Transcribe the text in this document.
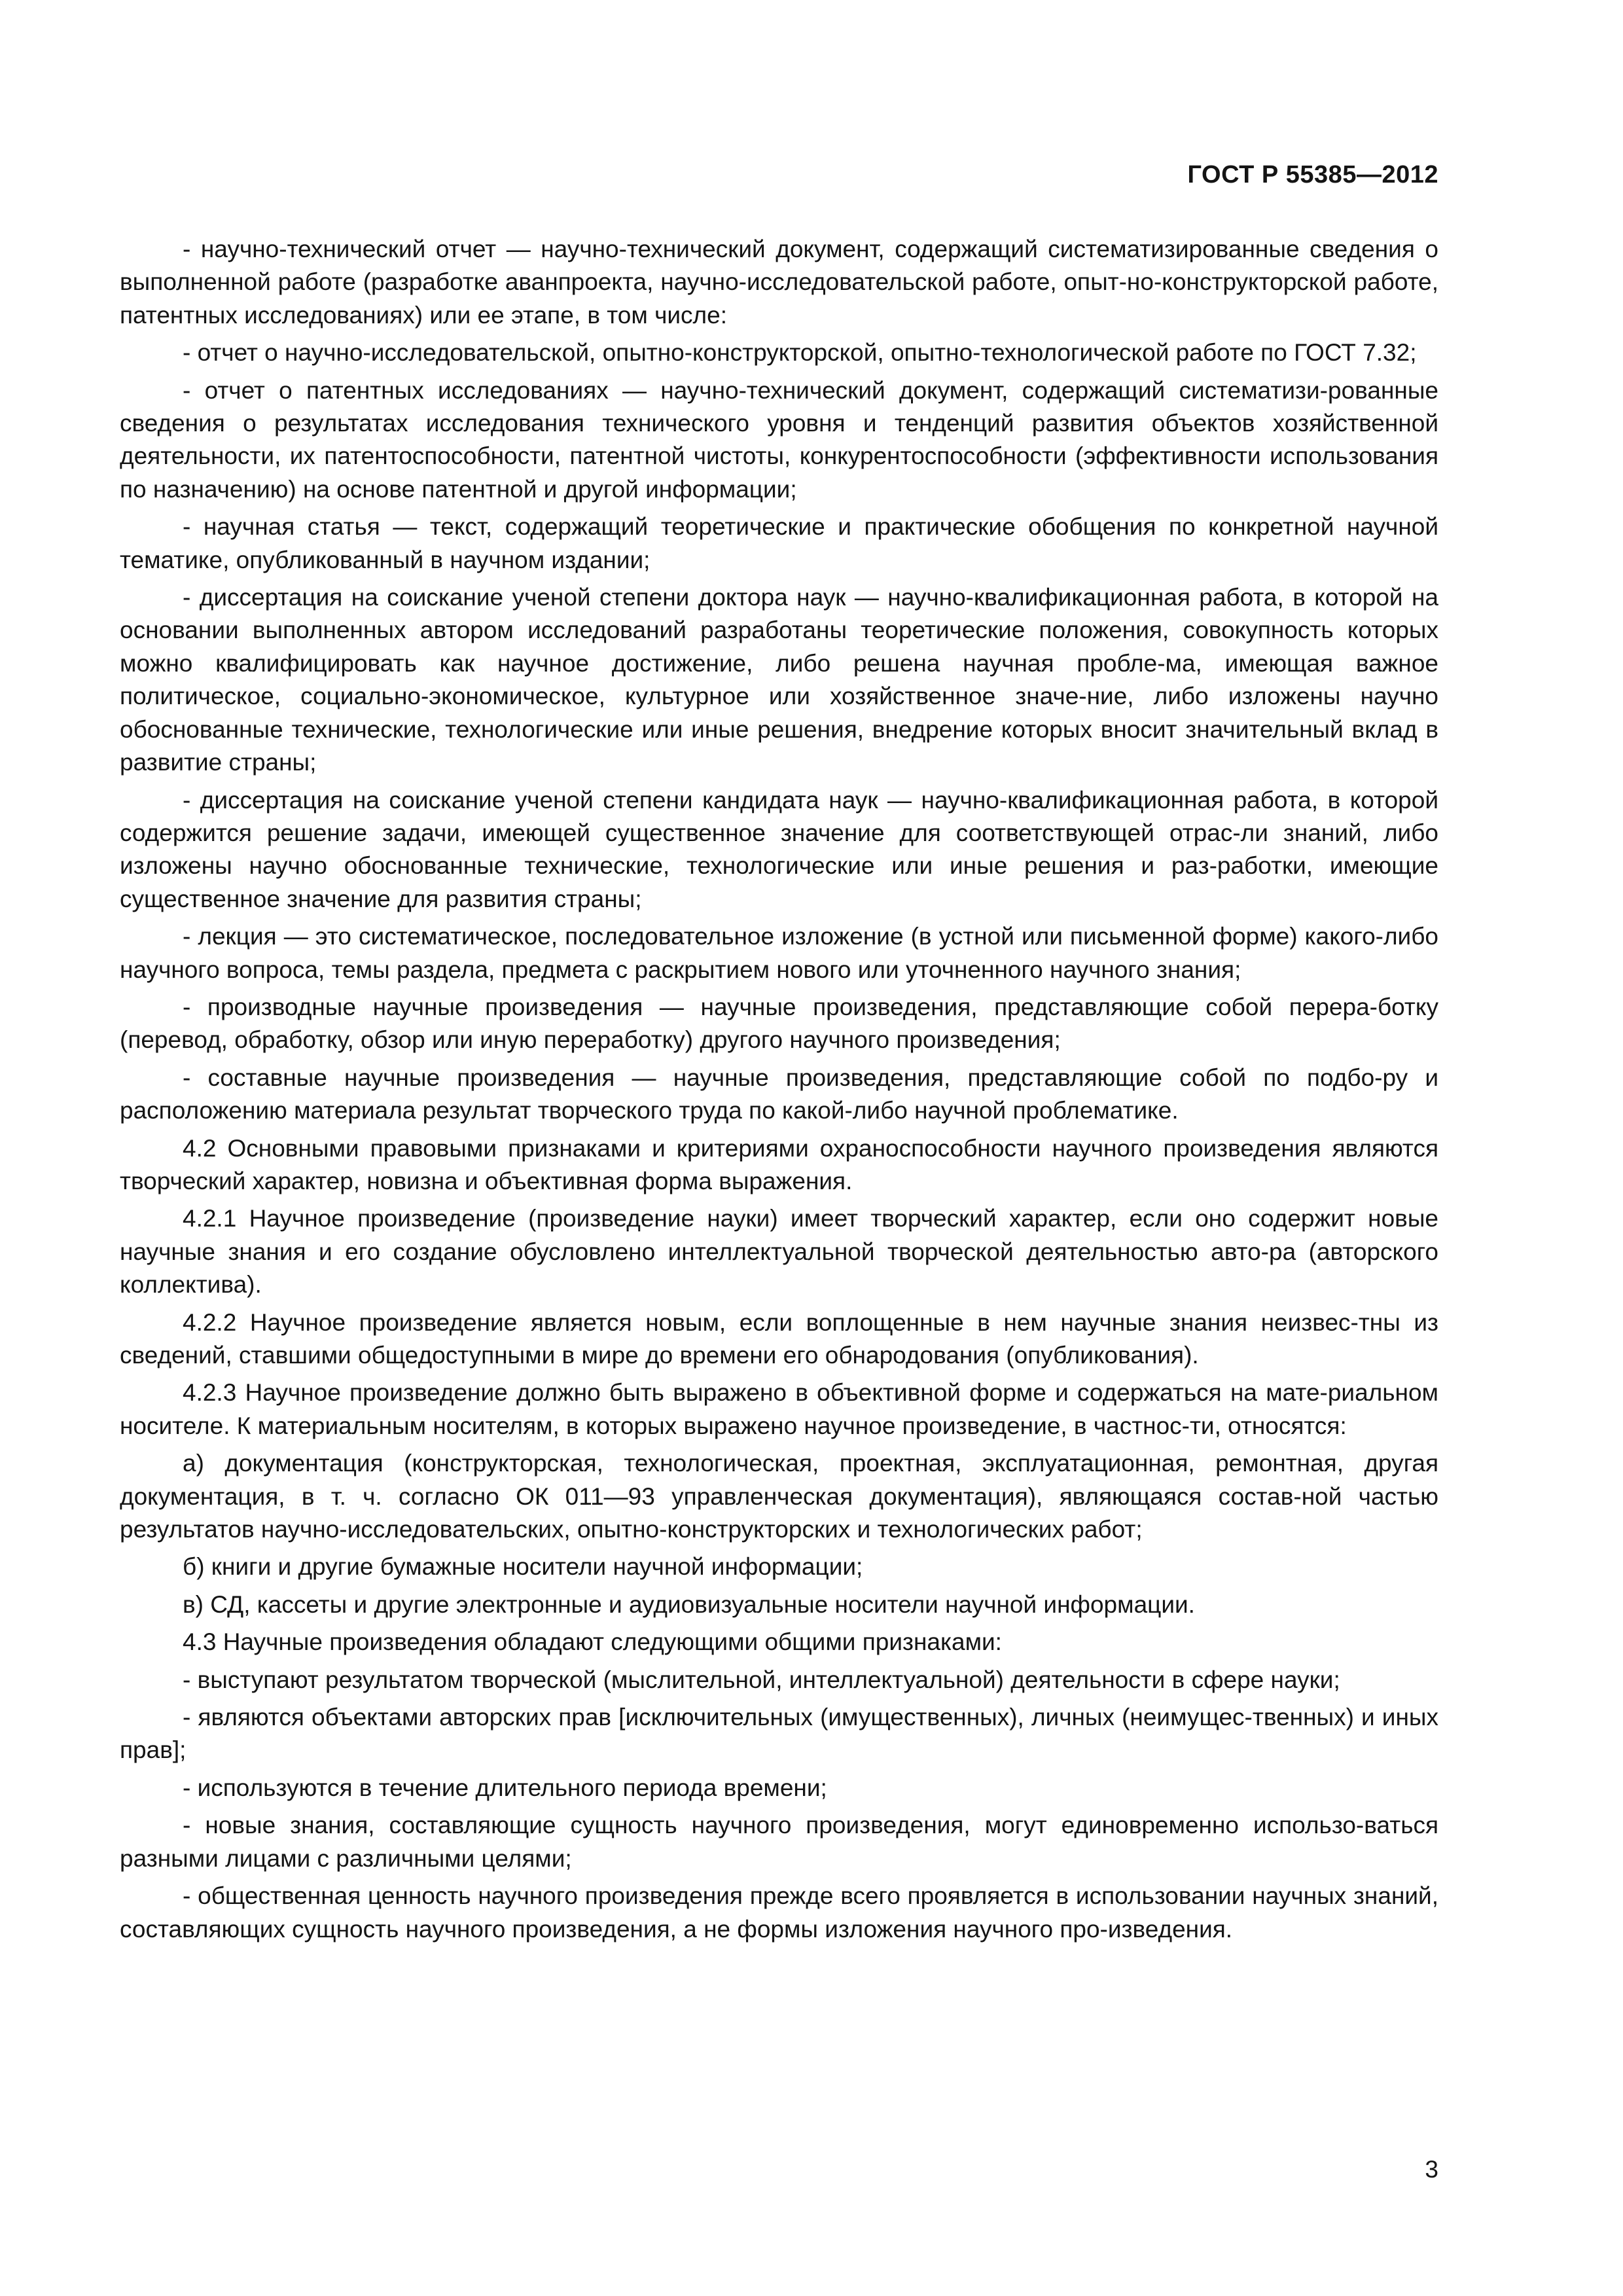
ГОСТ Р 55385—2012

- научно-технический отчет — научно-технический документ, содержащий систематизированные сведения о выполненной работе (разработке аванпроекта, научно-исследовательской работе, опыт-но-конструкторской работе, патентных исследованиях) или ее этапе, в том числе:

- отчет о научно-исследовательской, опытно-конструкторской, опытно-технологической работе по ГОСТ 7.32;

- отчет о патентных исследованиях — научно-технический документ, содержащий систематизи-рованные сведения о результатах исследования технического уровня и тенденций развития объектов хозяйственной деятельности, их патентоспособности, патентной чистоты, конкурентоспособности (эффективности использования по назначению) на основе патентной и другой информации;

- научная статья — текст, содержащий теоретические и практические обобщения по конкретной научной тематике, опубликованный в научном издании;

- диссертация на соискание ученой степени доктора наук — научно-квалификационная работа, в которой на основании выполненных автором исследований разработаны теоретические положения, совокупность которых можно квалифицировать как научное достижение, либо решена научная пробле-ма, имеющая важное политическое, социально-экономическое, культурное или хозяйственное значе-ние, либо изложены научно обоснованные технические, технологические или иные решения, внедрение которых вносит значительный вклад в развитие страны;

- диссертация на соискание ученой степени кандидата наук — научно-квалификационная работа, в которой содержится решение задачи, имеющей существенное значение для соответствующей отрас-ли знаний, либо изложены научно обоснованные технические, технологические или иные решения и раз-работки, имеющие существенное значение для развития страны;

- лекция — это систематическое, последовательное изложение (в устной или письменной форме) какого-либо научного вопроса, темы раздела, предмета с раскрытием нового или уточненного научного знания;

- производные научные произведения — научные произведения, представляющие собой перера-ботку (перевод, обработку, обзор или иную переработку) другого научного произведения;

- составные научные произведения — научные произведения, представляющие собой по подбо-ру и расположению материала результат творческого труда по какой-либо научной проблематике.

4.2 Основными правовыми признаками и критериями охраноспособности научного произведения являются творческий характер, новизна и объективная форма выражения.

4.2.1 Научное произведение (произведение науки) имеет творческий характер, если оно содержит новые научные знания и его создание обусловлено интеллектуальной творческой деятельностью авто-ра (авторского коллектива).

4.2.2 Научное произведение является новым, если воплощенные в нем научные знания неизвес-тны из сведений, ставшими общедоступными в мире до времени его обнародования (опубликования).

4.2.3 Научное произведение должно быть выражено в объективной форме и содержаться на мате-риальном носителе. К материальным носителям, в которых выражено научное произведение, в частнос-ти, относятся:

а) документация (конструкторская, технологическая, проектная, эксплуатационная, ремонтная, другая документация, в т. ч. согласно ОК 011—93 управленческая документация), являющаяся состав-ной частью результатов научно-исследовательских, опытно-конструкторских и технологических работ;

б) книги и другие бумажные носители научной информации;

в) СД, кассеты и другие электронные и аудиовизуальные носители научной информации.

4.3 Научные произведения обладают следующими общими признаками:

- выступают результатом творческой (мыслительной, интеллектуальной) деятельности в сфере науки;

- являются объектами авторских прав [исключительных (имущественных), личных (неимущес-твенных) и иных прав];

- используются в течение длительного периода времени;

- новые знания, составляющие сущность научного произведения, могут единовременно использо-ваться разными лицами с различными целями;

- общественная ценность научного произведения прежде всего проявляется в использовании научных знаний, составляющих сущность научного произведения, а не формы изложения научного про-изведения.

3
